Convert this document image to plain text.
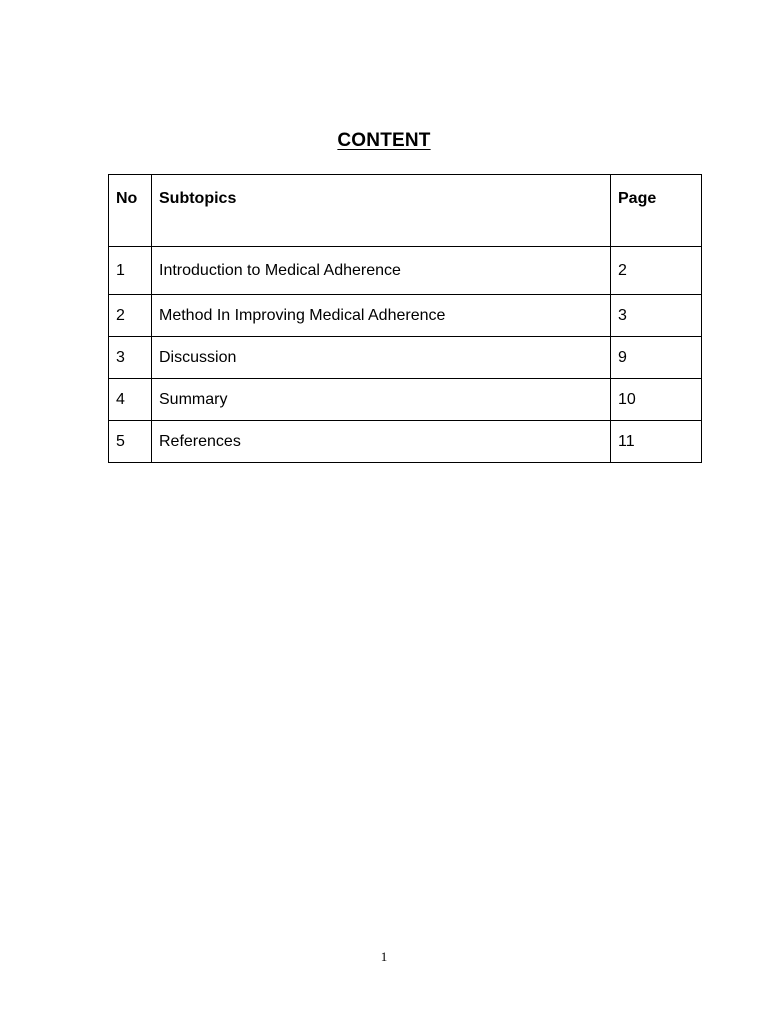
CONTENT
No	Subtopics	Page
1	Introduction to Medical Adherence	2
2	Method In Improving Medical Adherence	3
3	Discussion	9
4	Summary	10
5	References	11
1
